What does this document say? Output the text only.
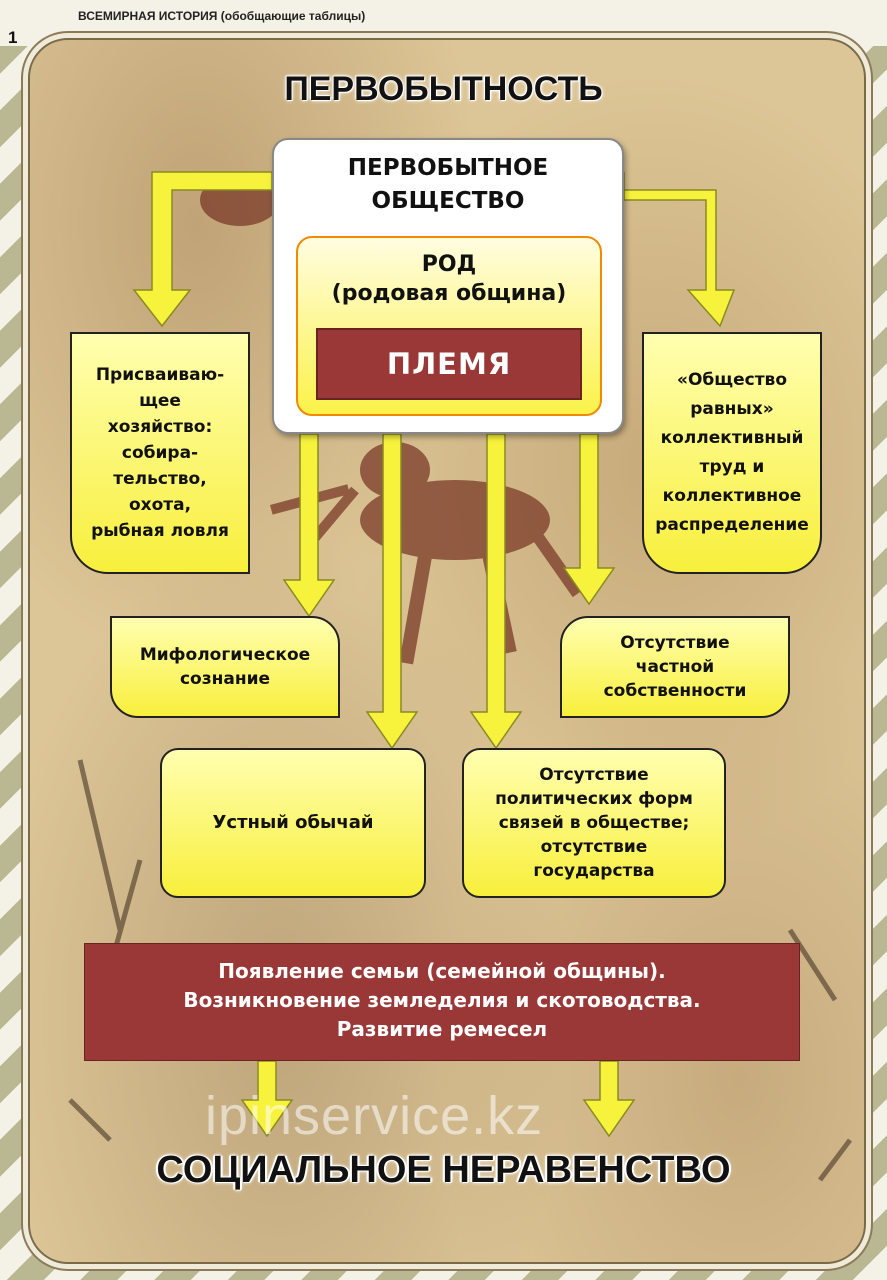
ВСЕМИРНАЯ ИСТОРИЯ (обобщающие таблицы)
1
ПЕРВОБЫТНОСТЬ
ПЕРВОБЫТНОЕ
ОБЩЕСТВО
РОД
(родовая община)
ПЛЕМЯ
Присваиваю-
щее
хозяйство:
собира-
тельство,
охота,
рыбная ловля
«Общество
равных»
коллективный
труд и
коллективное
распределение
Мифологическое
сознание
Отсутствие
частной
собственности
Устный обычай
Отсутствие
политических форм
связей в обществе;
отсутствие
государства
Появление семьи (семейной общины).
Возникновение земледелия и скотоводства.
Развитие ремесел
ipinservice.kz
СОЦИАЛЬНОЕ НЕРАВЕНСТВО
